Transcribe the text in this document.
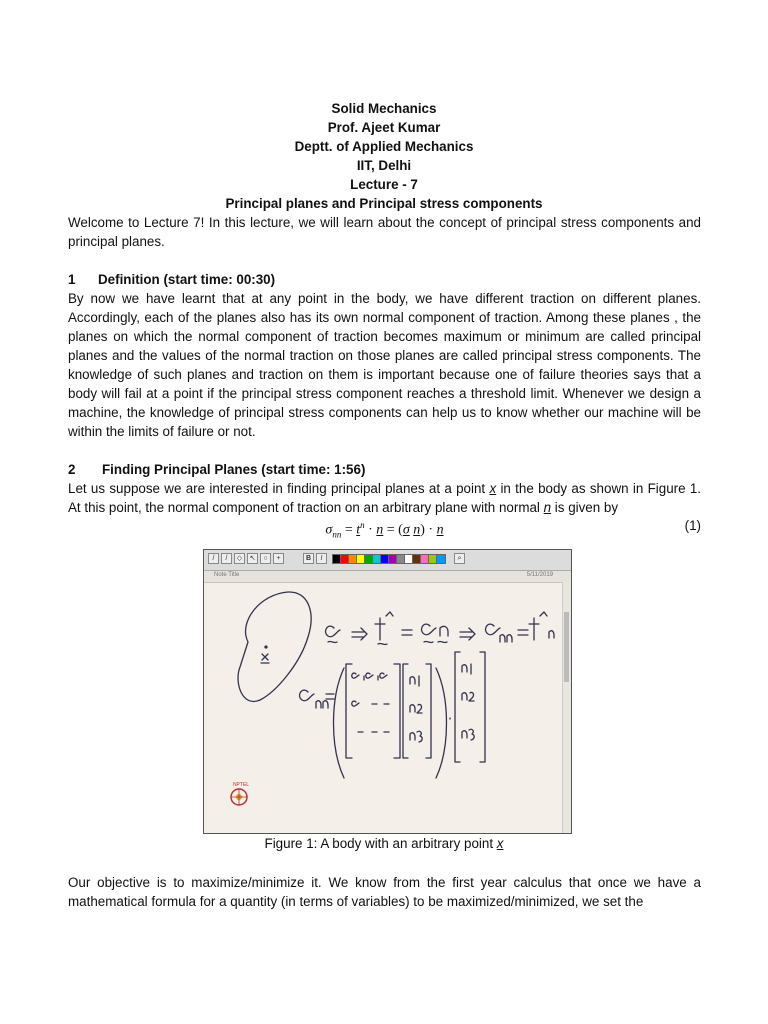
Solid Mechanics
Prof. Ajeet Kumar
Deptt. of Applied Mechanics
IIT, Delhi
Lecture - 7
Principal planes and Principal stress components
Welcome to Lecture 7! In this lecture, we will learn about the concept of principal stress components and principal planes.
1 Definition (start time: 00:30)
By now we have learnt that at any point in the body, we have different traction on different planes. Accordingly, each of the planes also has its own normal component of traction. Among these planes , the planes on which the normal component of traction becomes maximum or minimum are called principal planes and the values of the normal traction on those planes are called principal stress components. The knowledge of such planes and traction on them is important because one of failure theories says that a body will fail at a point if the principal stress component reaches a threshold limit. Whenever we design a machine, the knowledge of principal stress components can help us to know whether our machine will be within the limits of failure or not.
2 Finding Principal Planes (start time: 1:56)
Let us suppose we are interested in finding principal planes at a point x in the body as shown in Figure 1. At this point, the normal component of traction on an arbitrary plane with normal n is given by
$\sigma_{nn} = t^n \cdot n = (\sigma$ n) · n	(1)
/	/	◇	↖	○	+	B	I	⌕
Note Title	5/11/2019
NPTEL
Figure 1: A body with an arbitrary point x
Our objective is to maximize/minimize it. We know from the first year calculus that once we have a mathematical formula for a quantity (in terms of variables) to be maximized/minimized, we set the
